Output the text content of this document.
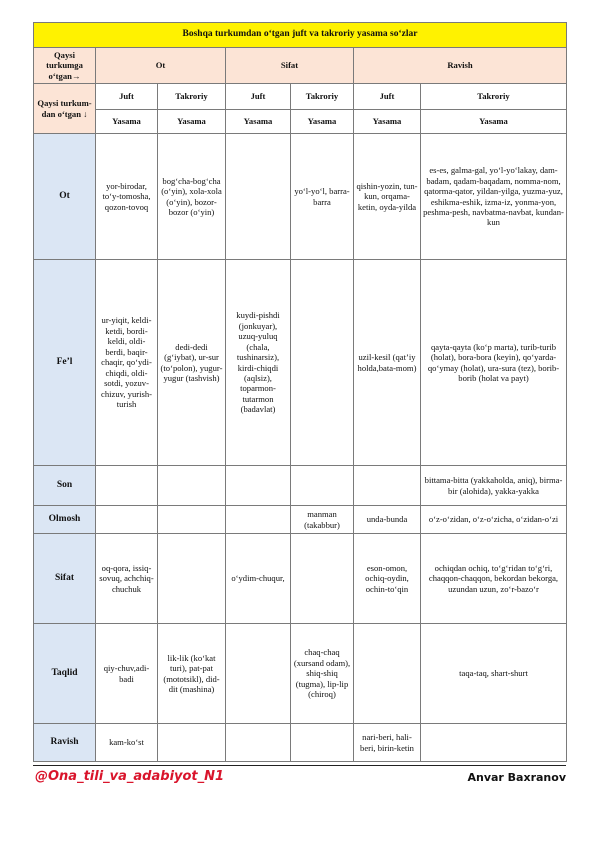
Boshqa turkumdan o‘tgan juft va takroriy yasama so‘zlar						
Qaysi turkumga o‘tgan→	Ot		Sifat		Ravish	
Qaysi turkum-dan o‘tgan ↓	Juft	Takroriy	Juft	Takroriy	Juft	Takroriy
	Yasama	Yasama	Yasama	Yasama	Yasama	Yasama
Ot	yor-birodar, to‘y-tomosha, qozon-tovoq	bog‘cha-bog‘cha (o‘yin), xola-xola (o‘yin), bozor-bozor (o‘yin)		yo‘l-yo‘l, barra-barra	qishin-yozin, tun-kun, orqama-ketin, oyda-yilda	es-es, galma-gal, yo‘l-yo‘lakay, dam-badam, qadam-baqadam, nomma-nom, qatorma-qator, yildan-yilga, yuzma-yuz, eshikma-eshik, izma-iz, yonma-yon, peshma-pesh, navbatma-navbat, kundan-kun
Fe’l	ur-yiqit, keldi-ketdi, bordi-keldi, oldi-berdi, baqir-chaqir, qo‘ydi-chiqdi, oldi-sotdi, yozuv-chizuv, yurish-turish	dedi-dedi (g‘iybat), ur-sur (to‘polon), yugur-yugur (tashvish)	kuydi-pishdi (jonkuyar), uzuq-yuluq (chala, tushinarsiz), kirdi-chiqdi (aqlsiz), toparmon-tutarmon (badavlat)		uzil-kesil (qat’iy holda,bata-mom)	qayta-qayta (ko‘p marta), turib-turib (holat), bora-bora (keyin), qo‘yarda-qo‘ymay (holat), ura-sura (tez), borib-borib (holat va payt)
Son						bittama-bitta (yakkaholda, aniq), birma-bir (alohida), yakka-yakka
Olmosh				manman (takabbur)	unda-bunda	o‘z-o‘zidan, o‘z-o‘zicha, o‘zidan-o‘zi
Sifat	oq-qora, issiq-sovuq, achchiq-chuchuk		o‘ydim-chuqur,		eson-omon, ochiq-oydin, ochin-to‘qin	ochiqdan ochiq, to‘g‘ridan to‘g‘ri, chaqqon-chaqqon, bekordan bekorga, uzundan uzun, zo‘r-bazo‘r
Taqlid	qiy-chuv,adi-badi	lik-lik (ko‘kat turi), pat-pat (mototsikl), did-dit (mashina)		chaq-chaq (xursand odam), shiq-shiq (tugma), lip-lip (chiroq)		taqa-taq, shart-shurt
Ravish	kam-ko‘st				nari-beri, hali-beri, birin-ketin	
@Ona_tili_va_adabiyot_N1	Anvar Baxranov
